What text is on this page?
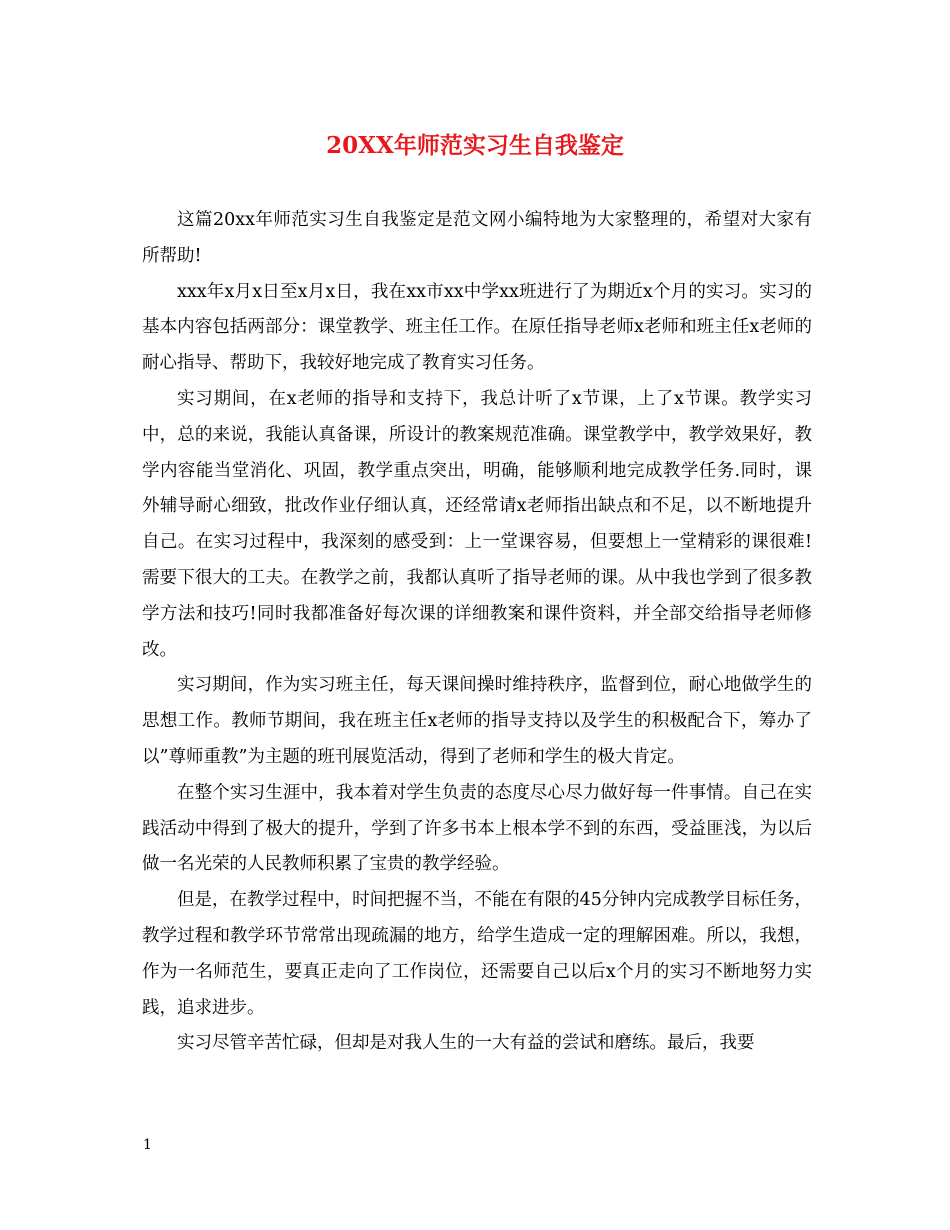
20XX年师范实习生自我鉴定

这篇20xx年师范实习生自我鉴定是范文网小编特地为大家整理的，希望对大家有所帮助!

xxx年x月x日至x月x日，我在xx市xx中学xx班进行了为期近x个月的实习。实习的基本内容包括两部分：课堂教学、班主任工作。在原任指导老师x老师和班主任x老师的耐心指导、帮助下，我较好地完成了教育实习任务。

实习期间，在x老师的指导和支持下，我总计听了x节课，上了x节课。教学实习中，总的来说，我能认真备课，所设计的教案规范准确。课堂教学中，教学效果好，教学内容能当堂消化、巩固，教学重点突出，明确，能够顺利地完成教学任务.同时，课外辅导耐心细致，批改作业仔细认真，还经常请x老师指出缺点和不足，以不断地提升自己。在实习过程中，我深刻的感受到：上一堂课容易，但要想上一堂精彩的课很难!需要下很大的工夫。在教学之前，我都认真听了指导老师的课。从中我也学到了很多教学方法和技巧!同时我都准备好每次课的详细教案和课件资料，并全部交给指导老师修改。

实习期间，作为实习班主任，每天课间操时维持秩序，监督到位，耐心地做学生的思想工作。教师节期间，我在班主任x老师的指导支持以及学生的积极配合下，筹办了以”尊师重教”为主题的班刊展览活动，得到了老师和学生的极大肯定。

在整个实习生涯中，我本着对学生负责的态度尽心尽力做好每一件事情。自己在实践活动中得到了极大的提升，学到了许多书本上根本学不到的东西，受益匪浅，为以后做一名光荣的人民教师积累了宝贵的教学经验。

但是，在教学过程中，时间把握不当，不能在有限的45分钟内完成教学目标任务，教学过程和教学环节常常出现疏漏的地方，给学生造成一定的理解困难。所以，我想，作为一名师范生，要真正走向了工作岗位，还需要自己以后x个月的实习不断地努力实践，追求进步。

实习尽管辛苦忙碌，但却是对我人生的一大有益的尝试和磨练。最后，我要

1
